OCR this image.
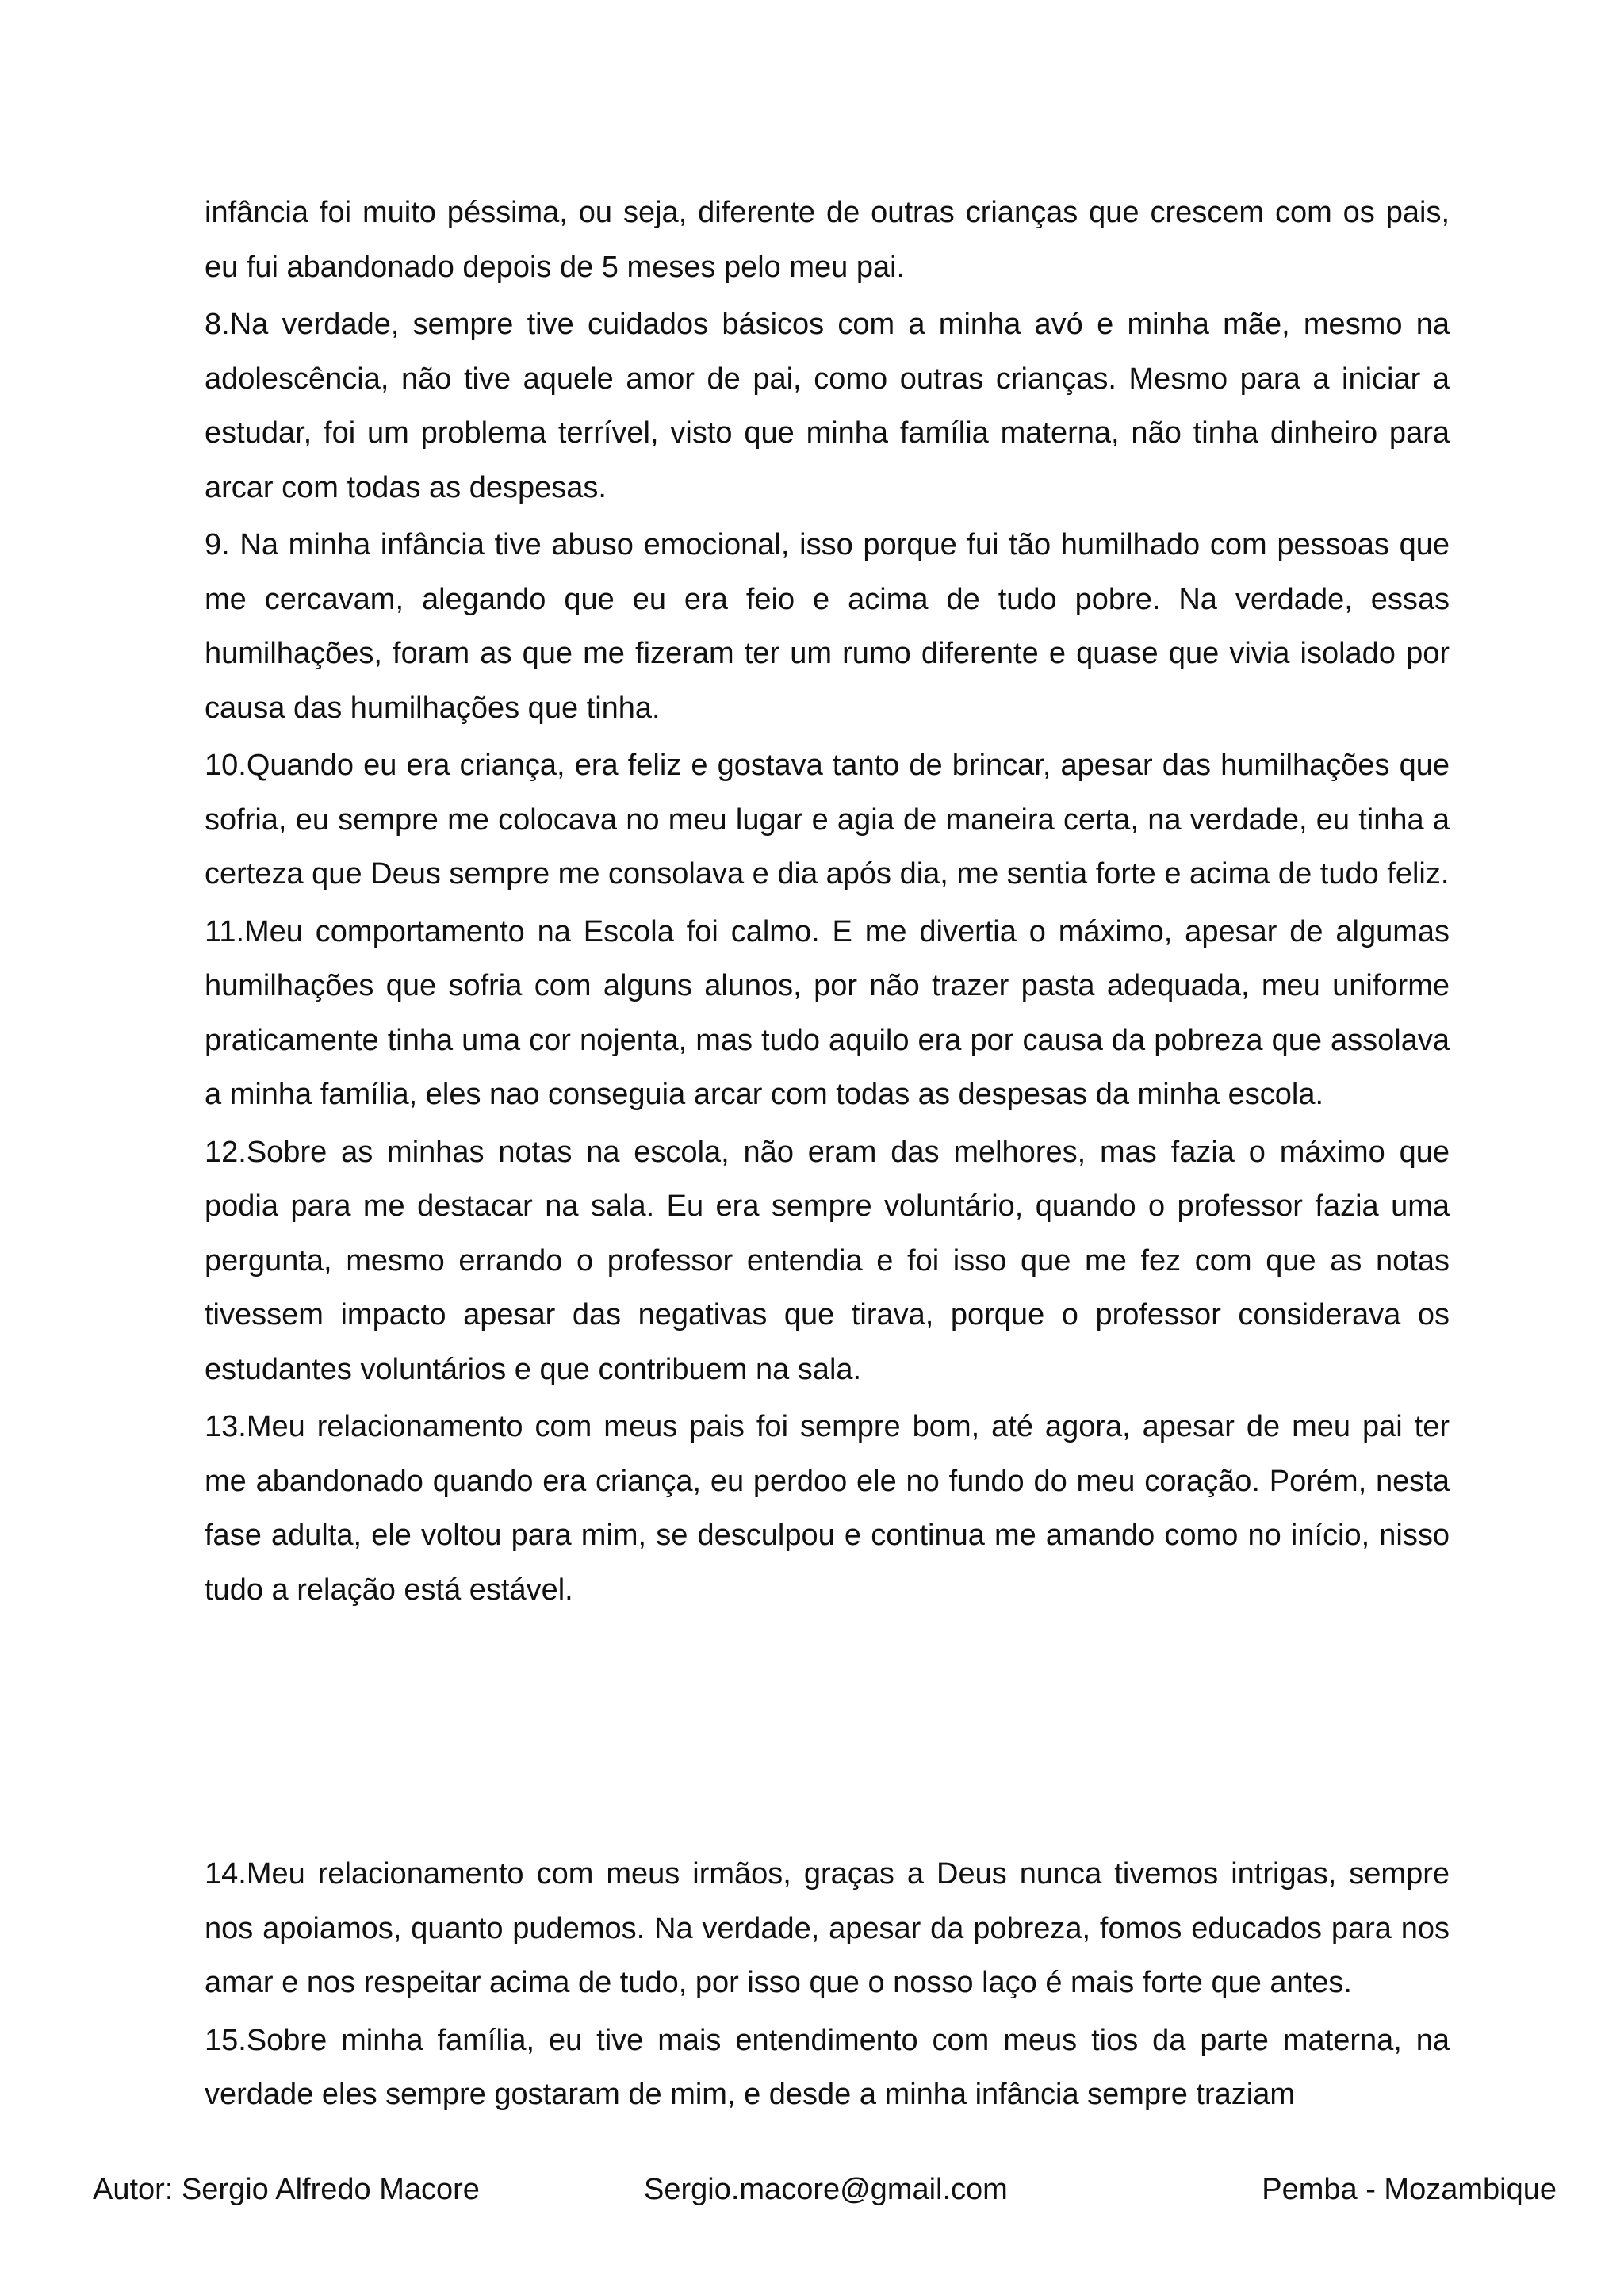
infância foi muito péssima, ou seja, diferente de outras crianças que crescem com os pais, eu fui abandonado depois de 5 meses pelo meu pai.

8.Na verdade, sempre tive cuidados básicos com a minha avó e minha mãe, mesmo na adolescência, não tive aquele amor de pai, como outras crianças. Mesmo para a iniciar a estudar, foi um problema terrível, visto que minha família materna, não tinha dinheiro para arcar com todas as despesas.

9. Na minha infância tive abuso emocional, isso porque fui tão humilhado com pessoas que me cercavam, alegando que eu era feio e acima de tudo pobre. Na verdade, essas humilhações, foram as que me fizeram ter um rumo diferente e quase que vivia isolado por causa das humilhações que tinha.

10.Quando eu era criança, era feliz e gostava tanto de brincar, apesar das humilhações que sofria, eu sempre me colocava no meu lugar e agia de maneira certa, na verdade, eu tinha a certeza que Deus sempre me consolava e dia após dia, me sentia forte e acima de tudo feliz.

11.Meu comportamento na Escola foi calmo. E me divertia o máximo, apesar de algumas humilhações que sofria com alguns alunos, por não trazer pasta adequada, meu uniforme praticamente tinha uma cor nojenta, mas tudo aquilo era por causa da pobreza que assolava a minha família, eles nao conseguia arcar com todas as despesas da minha escola.

12.Sobre as minhas notas na escola, não eram das melhores, mas fazia o máximo que podia para me destacar na sala. Eu era sempre voluntário, quando o professor fazia uma pergunta, mesmo errando o professor entendia e foi isso que me fez com que as notas tivessem impacto apesar das negativas que tirava, porque o professor considerava os estudantes voluntários e que contribuem na sala.

13.Meu relacionamento com meus pais foi sempre bom, até agora, apesar de meu pai ter me abandonado quando era criança, eu perdoo ele no fundo do meu coração. Porém, nesta fase adulta, ele voltou para mim, se desculpou e continua me amando como no início, nisso tudo a relação está estável.

14.Meu relacionamento com meus irmãos, graças a Deus nunca tivemos intrigas, sempre nos apoiamos, quanto pudemos. Na verdade, apesar da pobreza, fomos educados para nos amar e nos respeitar acima de tudo, por isso que o nosso laço é mais forte que antes.

15.Sobre minha família, eu tive mais entendimento com meus tios da parte materna, na verdade eles sempre gostaram de mim, e desde a minha infância sempre traziam

Autor: Sergio Alfredo Macore	Sergio.macore@gmail.com	Pemba - Mozambique
